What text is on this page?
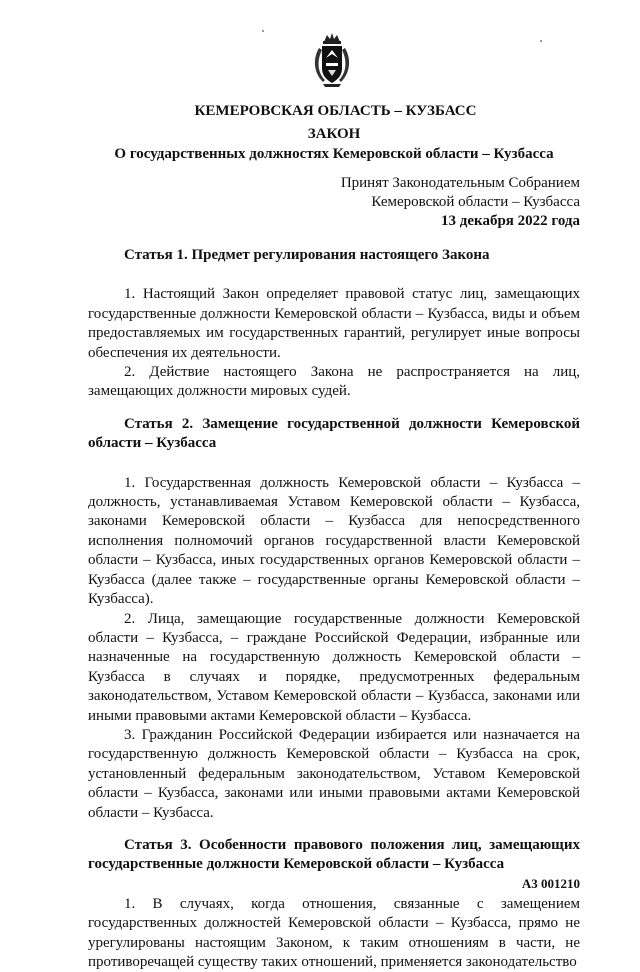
КЕМЕРОВСКАЯ ОБЛАСТЬ – КУЗБАСС
ЗАКОН
О государственных должностях Кемеровской области – Кузбасса
Принят Законодательным Собранием
Кемеровской области – Кузбасса
13 декабря 2022 года

Статья 1. Предмет регулирования настоящего Закона

1. Настоящий Закон определяет правовой статус лиц, замещающих государственные должности Кемеровской области – Кузбасса, виды и объем предоставляемых им государственных гарантий, регулирует иные вопросы обеспечения их деятельности.

2. Действие настоящего Закона не распространяется на лиц, замещающих должности мировых судей.

Статья 2. Замещение государственной должности Кемеровской области – Кузбасса

1. Государственная должность Кемеровской области – Кузбасса – должность, устанавливаемая Уставом Кемеровской области – Кузбасса, законами Кемеровской области – Кузбасса для непосредственного исполнения полномочий органов государственной власти Кемеровской области – Кузбасса, иных государственных органов Кемеровской области – Кузбасса (далее также – государственные органы Кемеровской области – Кузбасса).

2. Лица, замещающие государственные должности Кемеровской области – Кузбасса, – граждане Российской Федерации, избранные или назначенные на государственную должность Кемеровской области – Кузбасса в случаях и порядке, предусмотренных федеральным законодательством, Уставом Кемеровской области – Кузбасса, законами или иными правовыми актами Кемеровской области – Кузбасса.

3. Гражданин Российской Федерации избирается или назначается на государственную должность Кемеровской области – Кузбасса на срок, установленный федеральным законодательством, Уставом Кемеровской области – Кузбасса, законами или иными правовыми актами Кемеровской области – Кузбасса.

Статья 3. Особенности правового положения лиц, замещающих государственные должности Кемеровской области – Кузбасса

1. В случаях, когда отношения, связанные с замещением государственных должностей Кемеровской области – Кузбасса, прямо не урегулированы настоящим Законом, к таким отношениям в части, не противоречащей существу таких отношений, применяется законодательство

А3 001210
